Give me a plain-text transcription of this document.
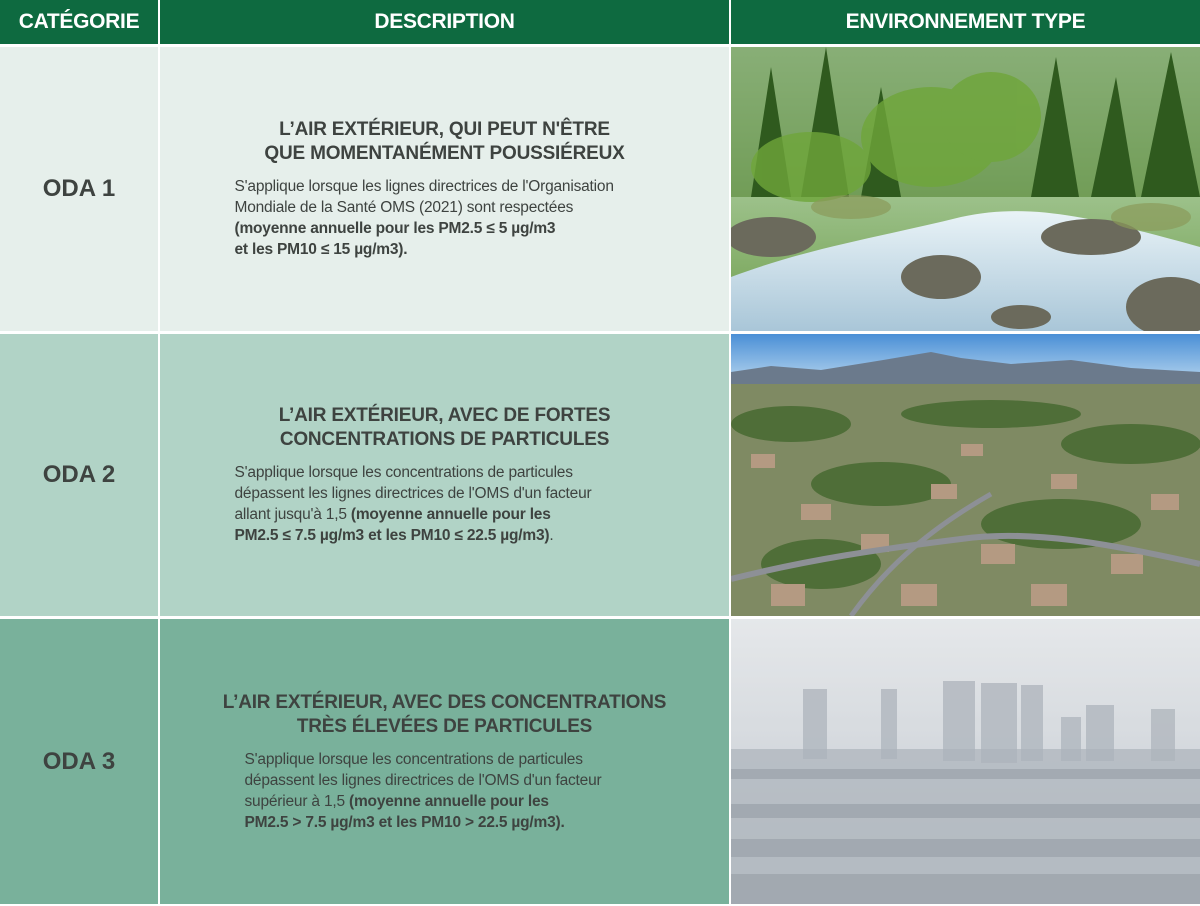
CATÉGORIE	DESCRIPTION	ENVIRONNEMENT TYPE
ODA 1
L’AIR EXTÉRIEUR, QUI PEUT N'ÊTRE
QUE MOMENTANÉMENT POUSSIÉREUX

S'applique lorsque les lignes directrices de l'Organisation
Mondiale de la Santé OMS (2021) sont respectées
(moyenne annuelle pour les PM2.5 ≤ 5 µg/m3
et les PM10 ≤ 15 µg/m3).

ODA 2
L’AIR EXTÉRIEUR, AVEC DE FORTES
CONCENTRATIONS DE PARTICULES

S'applique lorsque les concentrations de particules
dépassent les lignes directrices de l'OMS d'un facteur
allant jusqu'à 1,5 (moyenne annuelle pour les
PM2.5 ≤ 7.5 µg/m3 et les PM10 ≤ 22.5 µg/m3).

ODA 3
L’AIR EXTÉRIEUR, AVEC DES CONCENTRATIONS
TRÈS ÉLEVÉES DE PARTICULES

S'applique lorsque les concentrations de particules
dépassent les lignes directrices de l'OMS d'un facteur
supérieur à 1,5 (moyenne annuelle pour les
PM2.5 > 7.5 µg/m3 et les PM10 > 22.5 µg/m3).
